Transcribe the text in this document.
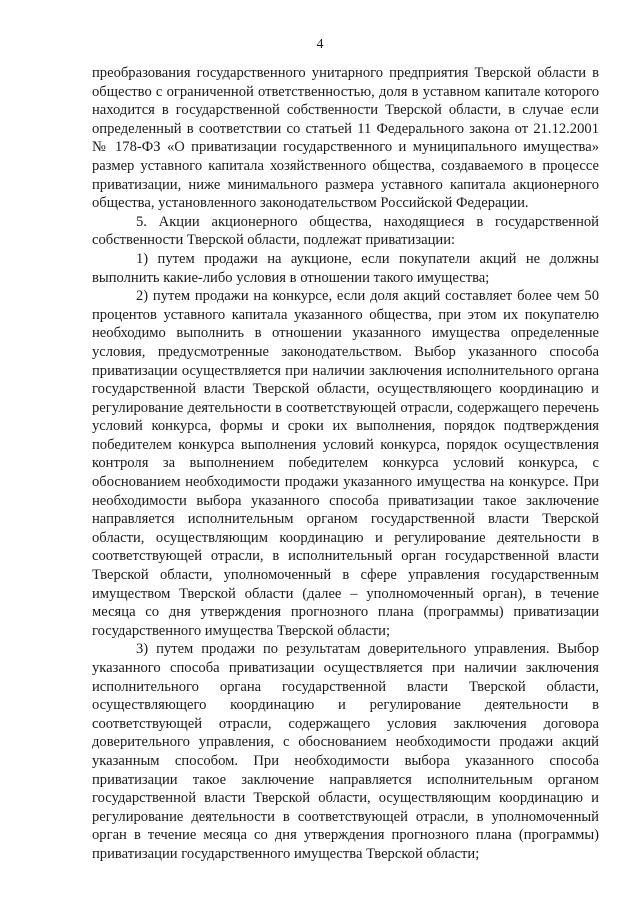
4

преобразования государственного унитарного предприятия Тверской области в общество с ограниченной ответственностью, доля в уставном капитале которого находится в государственной собственности Тверской области, в случае если определенный в соответствии со статьей 11 Федерального закона от 21.12.2001 № 178-ФЗ «О приватизации государственного и муниципального имущества» размер уставного капитала хозяйственного общества, создаваемого в процессе приватизации, ниже минимального размера уставного капитала акционерного общества, установленного законодательством Российской Федерации.

5. Акции акционерного общества, находящиеся в государственной собственности Тверской области, подлежат приватизации:

1) путем продажи на аукционе, если покупатели акций не должны выполнить какие-либо условия в отношении такого имущества;

2) путем продажи на конкурсе, если доля акций составляет более чем 50 процентов уставного капитала указанного общества, при этом их покупателю необходимо выполнить в отношении указанного имущества определенные условия, предусмотренные законодательством. Выбор указанного способа приватизации осуществляется при наличии заключения исполнительного органа государственной власти Тверской области, осуществляющего координацию и регулирование деятельности в соответствующей отрасли, содержащего перечень условий конкурса, формы и сроки их выполнения, порядок подтверждения победителем конкурса выполнения условий конкурса, порядок осуществления контроля за выполнением победителем конкурса условий конкурса, с обоснованием необходимости продажи указанного имущества на конкурсе. При необходимости выбора указанного способа приватизации такое заключение направляется исполнительным органом государственной власти Тверской области, осуществляющим координацию и регулирование деятельности в соответствующей отрасли, в исполнительный орган государственной власти Тверской области, уполномоченный в сфере управления государственным имуществом Тверской области (далее – уполномоченный орган), в течение месяца со дня утверждения прогнозного плана (программы) приватизации государственного имущества Тверской области;

3) путем продажи по результатам доверительного управления. Выбор указанного способа приватизации осуществляется при наличии заключения исполнительного органа государственной власти Тверской области, осуществляющего координацию и регулирование деятельности в соответствующей отрасли, содержащего условия заключения договора доверительного управления, с обоснованием необходимости продажи акций указанным способом. При необходимости выбора указанного способа приватизации такое заключение направляется исполнительным органом государственной власти Тверской области, осуществляющим координацию и регулирование деятельности в соответствующей отрасли, в уполномоченный орган в течение месяца со дня утверждения прогнозного плана (программы) приватизации государственного имущества Тверской области;
